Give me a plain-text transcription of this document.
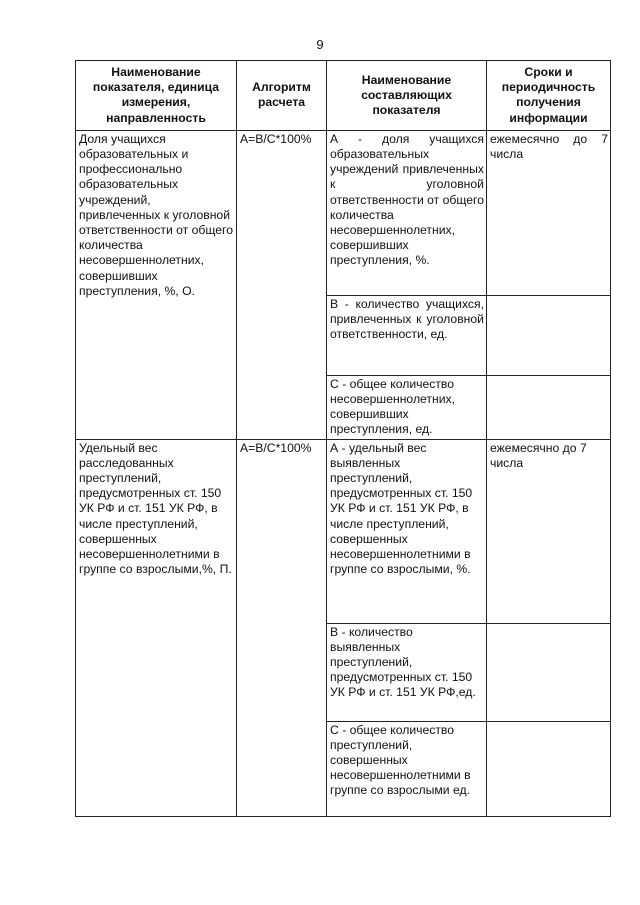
9
Наименование показателя, единица измерения, направленность	Алгоритм расчета	Наименование составляющих показателя	Сроки и периодичность получения информации
Доля учащихся образовательных и профессионально образовательных учреждений, привлеченных к уголовной ответственности от общего количества несовершеннолетних, совершивших преступления, %, О.	А=В/С*100%	А - доля учащихся образовательных учреждений привлеченных к уголовной ответственности от общего количества несовершеннолетних, совершивших преступления, %.	ежемесячно до 7 числа
		В - количество учащихся, привлеченных к уголовной ответственности, ед.	
		С - общее количество несовершеннолетних, совершивших преступления, ед.	
Удельный вес расследованных преступлений, предусмотренных ст. 150 УК РФ и ст. 151 УК РФ, в числе преступлений, совершенных несовершеннолетними в группе со взрослыми,%, П.	А=В/С*100%	А - удельный вес выявленных преступлений, предусмотренных ст. 150 УК РФ и ст. 151 УК РФ, в числе преступлений, совершенных несовершеннолетними в группе со взрослыми, %.	ежемесячно до 7 числа
		В - количество выявленных преступлений, предусмотренных ст. 150 УК РФ и ст. 151 УК РФ,ед.	
		С - общее количество преступлений, совершенных несовершеннолетними в группе со взрослыми ед.	
